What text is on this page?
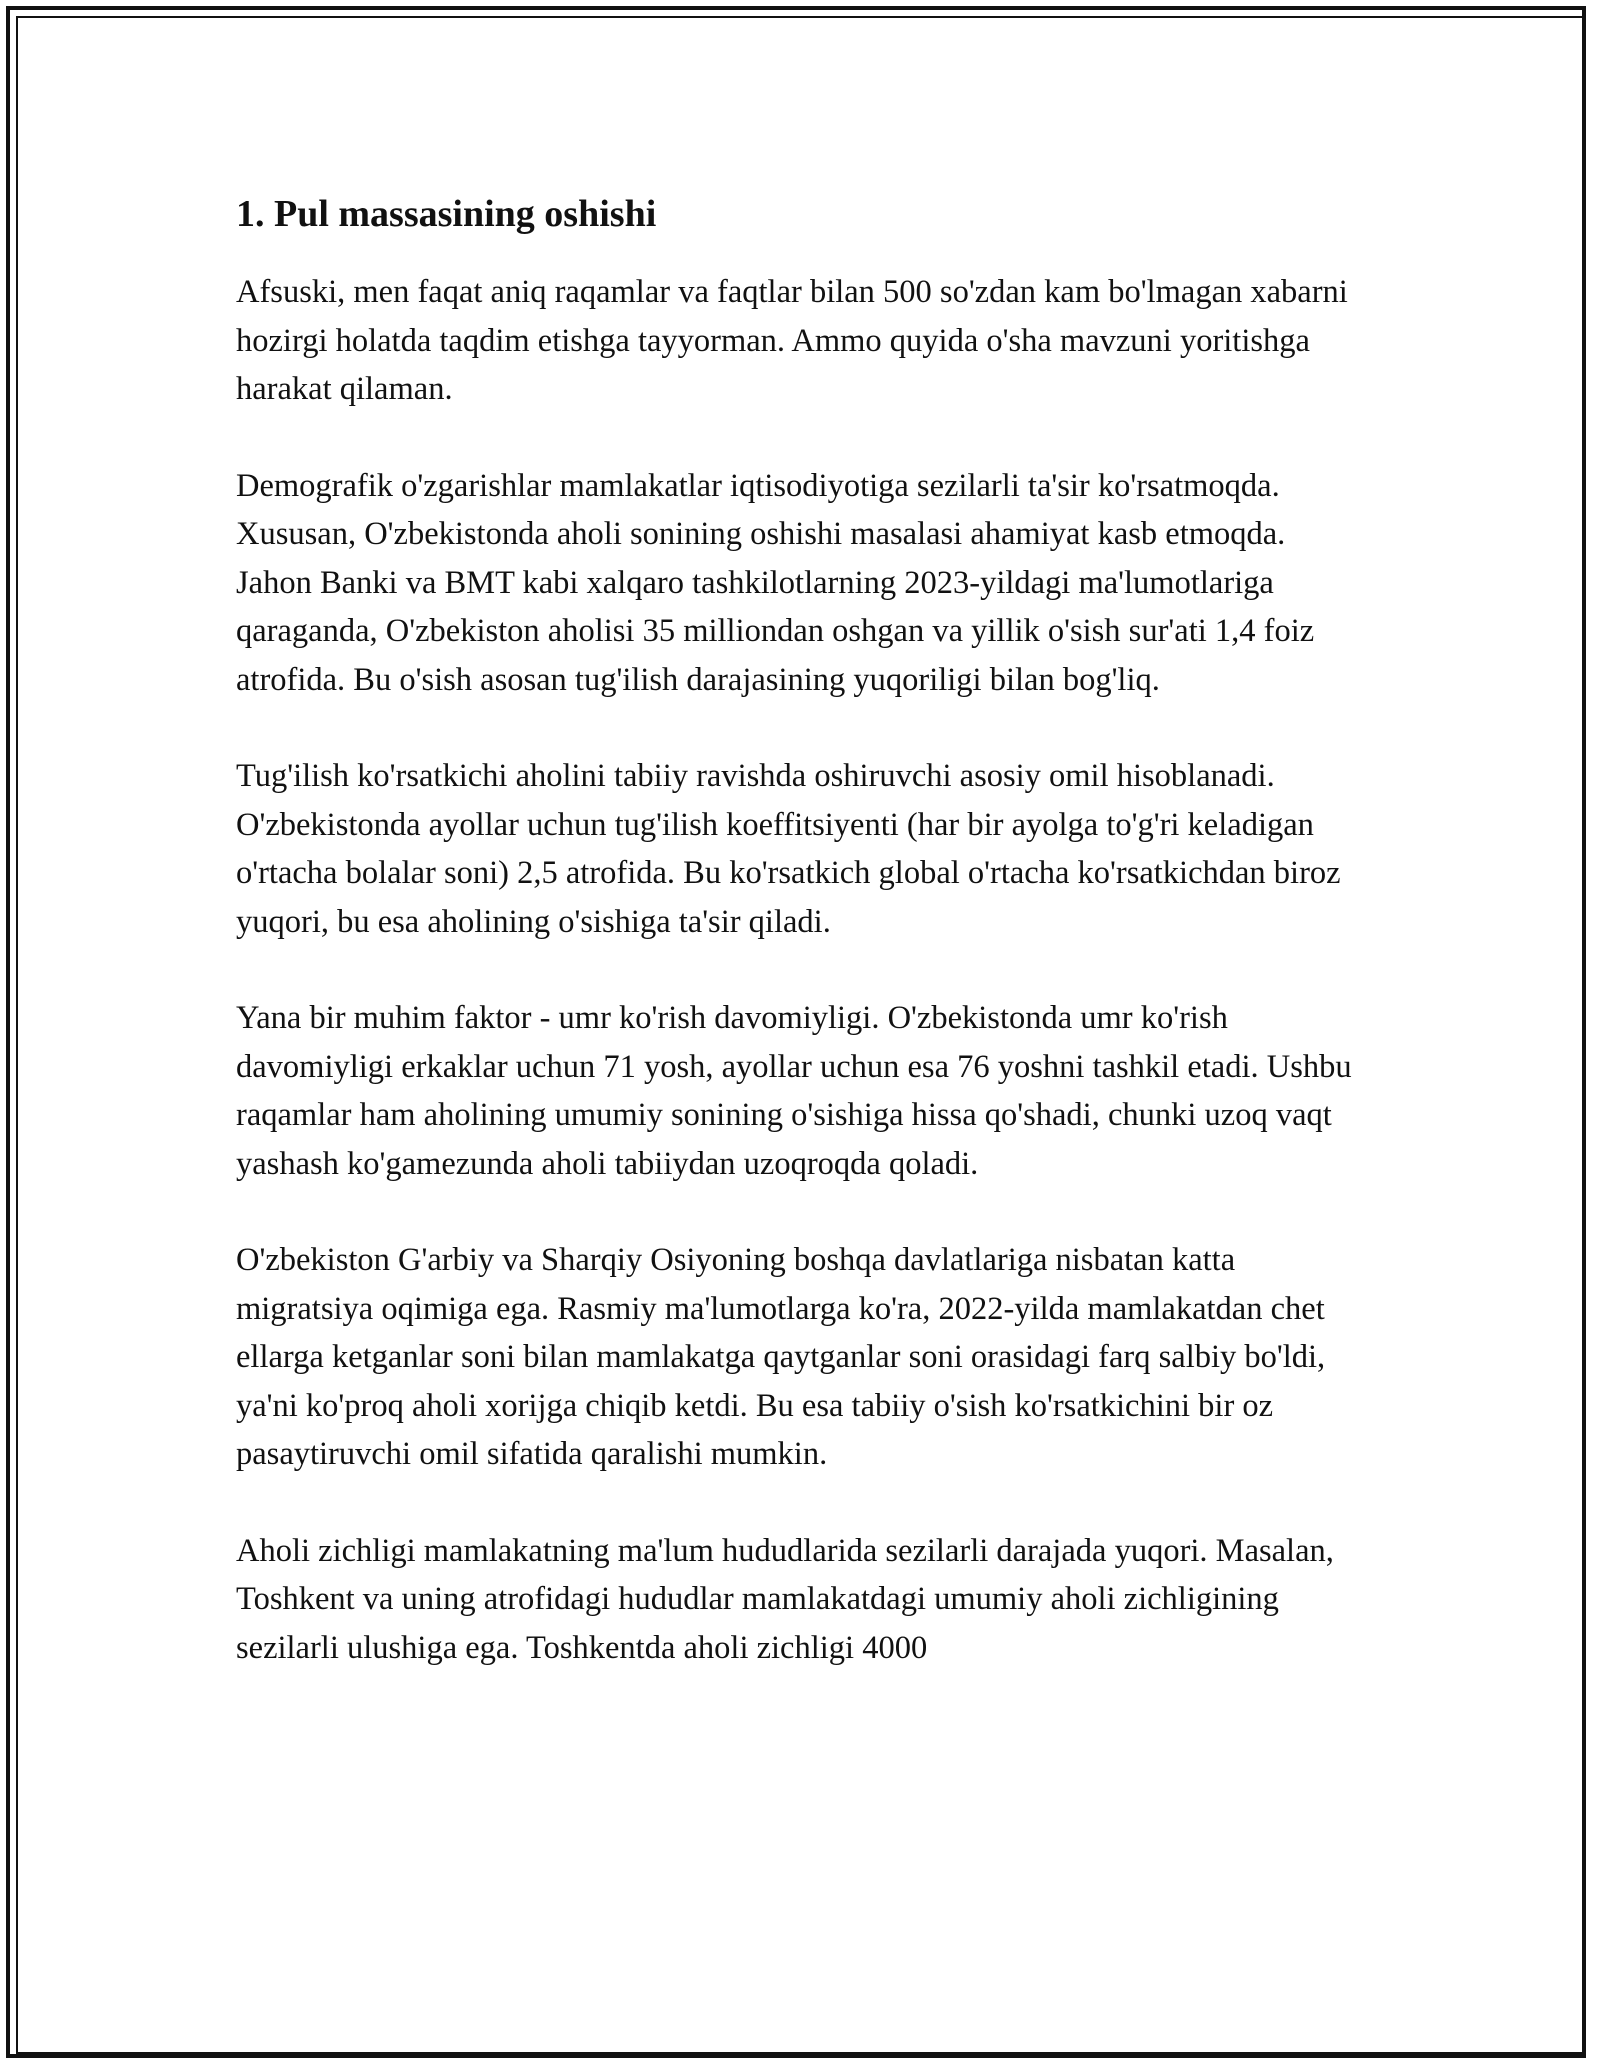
1. Pul massasining oshishi

Afsuski, men faqat aniq raqamlar va faqtlar bilan 500 so'zdan kam bo'lmagan xabarni hozirgi holatda taqdim etishga tayyorman. Ammo quyida o'sha mavzuni yoritishga harakat qilaman.

Demografik o'zgarishlar mamlakatlar iqtisodiyotiga sezilarli ta'sir ko'rsatmoqda. Xususan, O'zbekistonda aholi sonining oshishi masalasi ahamiyat kasb etmoqda. Jahon Banki va BMT kabi xalqaro tashkilotlarning 2023-yildagi ma'lumotlariga qaraganda, O'zbekiston aholisi 35 milliondan oshgan va yillik o'sish sur'ati 1,4 foiz atrofida. Bu o'sish asosan tug'ilish darajasining yuqoriligi bilan bog'liq.

Tug'ilish ko'rsatkichi aholini tabiiy ravishda oshiruvchi asosiy omil hisoblanadi. O'zbekistonda ayollar uchun tug'ilish koeffitsiyenti (har bir ayolga to'g'ri keladigan o'rtacha bolalar soni) 2,5 atrofida. Bu ko'rsatkich global o'rtacha ko'rsatkichdan biroz yuqori, bu esa aholining o'sishiga ta'sir qiladi.

Yana bir muhim faktor - umr ko'rish davomiyligi. O'zbekistonda umr ko'rish davomiyligi erkaklar uchun 71 yosh, ayollar uchun esa 76 yoshni tashkil etadi. Ushbu raqamlar ham aholining umumiy sonining o'sishiga hissa qo'shadi, chunki uzoq vaqt yashash ko'gamezunda aholi tabiiydan uzoqroqda qoladi.

O'zbekiston G'arbiy va Sharqiy Osiyoning boshqa davlatlariga nisbatan katta migratsiya oqimiga ega. Rasmiy ma'lumotlarga ko'ra, 2022-yilda mamlakatdan chet ellarga ketganlar soni bilan mamlakatga qaytganlar soni orasidagi farq salbiy bo'ldi, ya'ni ko'proq aholi xorijga chiqib ketdi. Bu esa tabiiy o'sish ko'rsatkichini bir oz pasaytiruvchi omil sifatida qaralishi mumkin.

Aholi zichligi mamlakatning ma'lum hududlarida sezilarli darajada yuqori. Masalan, Toshkent va uning atrofidagi hududlar mamlakatdagi umumiy aholi zichligining sezilarli ulushiga ega. Toshkentda aholi zichligi 4000
